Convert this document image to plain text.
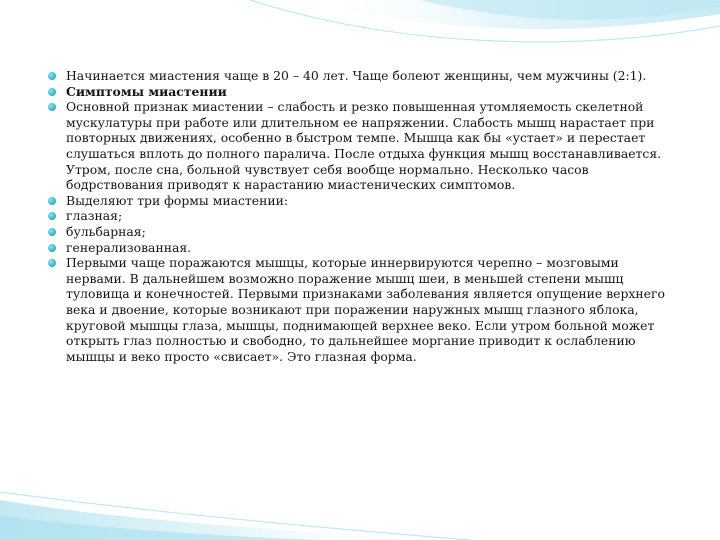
Начинается миастения чаще в 20 – 40 лет. Чаще болеют женщины, чем мужчины (2:1).
Симптомы миастении
Основной признак миастении – слабость и резко повышенная утомляемость скелетной мускулатуры при работе или длительном ее напряжении. Слабость мышц нарастает при повторных движениях, особенно в быстром темпе. Мышца как бы «устает» и перестает слушаться вплоть до полного паралича. После отдыха функция мышц восстанавливается. Утром, после сна, больной чувствует себя вообще нормально. Несколько часов бодрствования приводят к нарастанию миастенических симптомов.
Выделяют три формы миастении:
глазная;
бульбарная;
генерализованная.
Первыми чаще поражаются мышцы, которые иннервируются черепно – мозговыми нервами. В дальнейшем возможно поражение мышц шеи, в меньшей степени мышц туловища и конечностей. Первыми признаками заболевания является опущение верхнего века и двоение, которые возникают при поражении наружных мышц глазного яблока, круговой мышцы глаза, мышцы, поднимающей верхнее веко. Если утром больной может открыть глаз полностью и свободно, то дальнейшее моргание приводит к ослаблению мышцы и веко просто «свисает». Это глазная форма.
